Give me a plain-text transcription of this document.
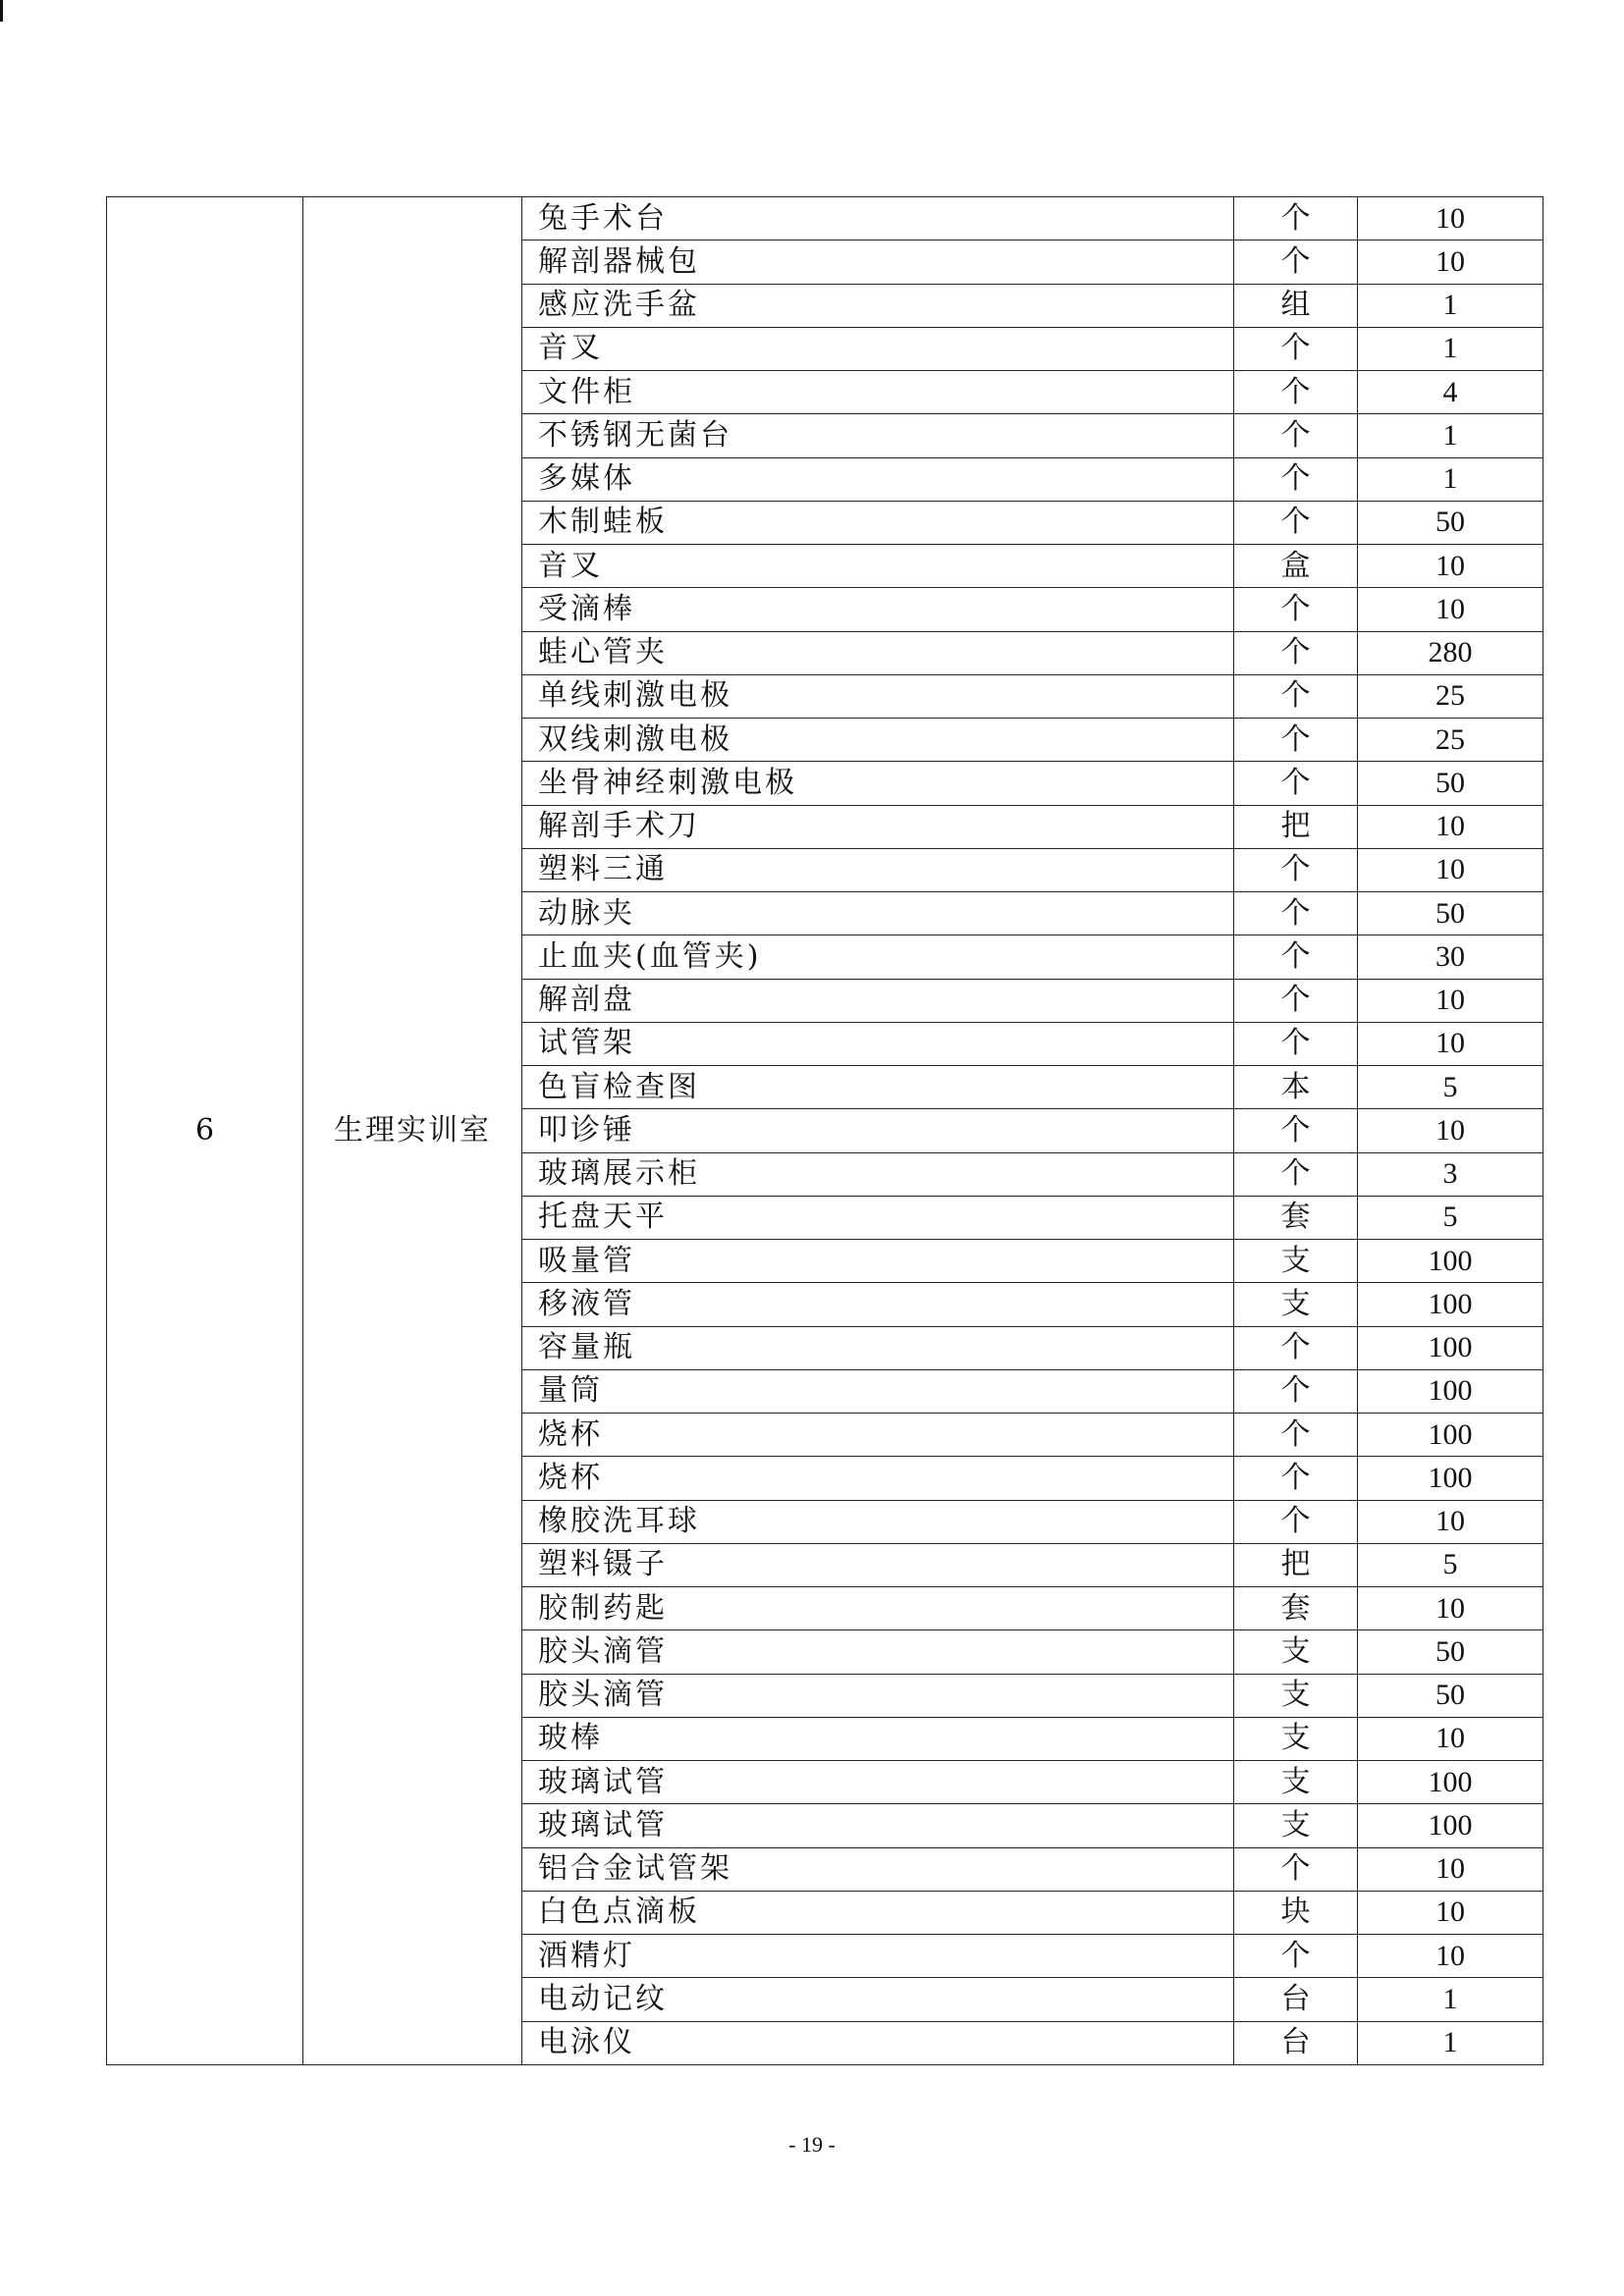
6	生理实训室	兔手术台	个	10
		解剖器械包	个	10
		感应洗手盆	组	1
		音叉	个	1
		文件柜	个	4
		不锈钢无菌台	个	1
		多媒体	个	1
		木制蛙板	个	50
		音叉	盒	10
		受滴棒	个	10
		蛙心管夹	个	280
		单线刺激电极	个	25
		双线刺激电极	个	25
		坐骨神经刺激电极	个	50
		解剖手术刀	把	10
		塑料三通	个	10
		动脉夹	个	50
		止血夹(血管夹)	个	30
		解剖盘	个	10
		试管架	个	10
		色盲检查图	本	5
		叩诊锤	个	10
		玻璃展示柜	个	3
		托盘天平	套	5
		吸量管	支	100
		移液管	支	100
		容量瓶	个	100
		量筒	个	100
		烧杯	个	100
		烧杯	个	100
		橡胶洗耳球	个	10
		塑料镊子	把	5
		胶制药匙	套	10
		胶头滴管	支	50
		胶头滴管	支	50
		玻棒	支	10
		玻璃试管	支	100
		玻璃试管	支	100
		铝合金试管架	个	10
		白色点滴板	块	10
		酒精灯	个	10
		电动记纹	台	1
		电泳仪	台	1
- 19 -
